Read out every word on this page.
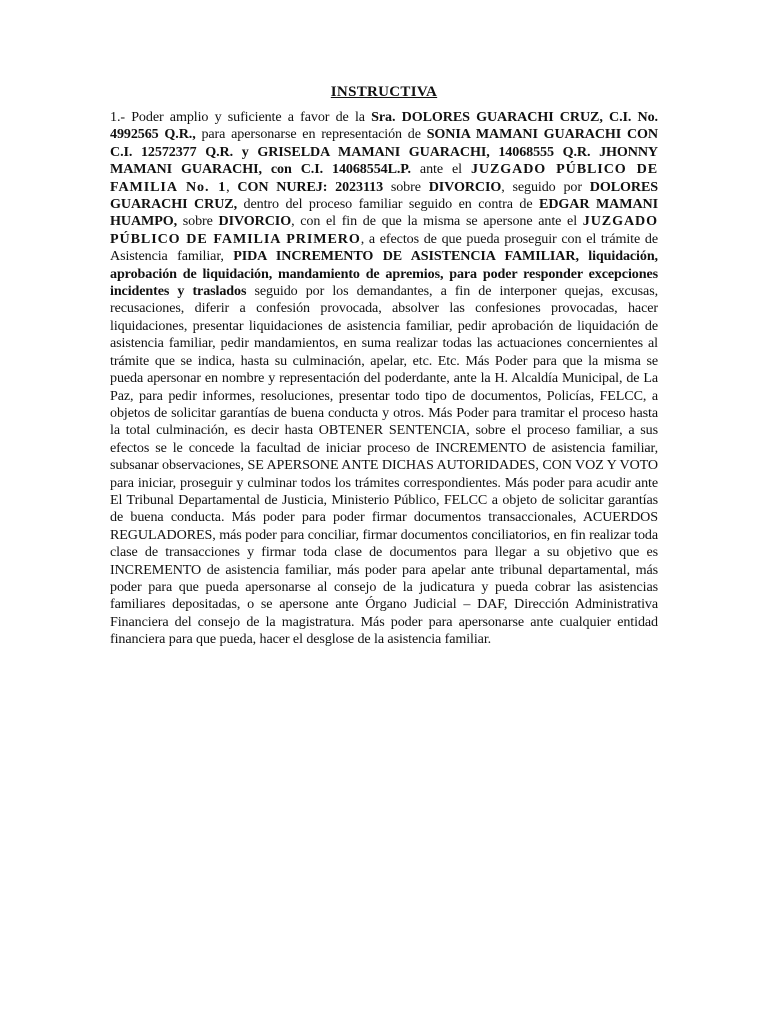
INSTRUCTIVA
1.- Poder amplio y suficiente a favor de la Sra. DOLORES GUARACHI CRUZ, C.I. No. 4992565 Q.R., para apersonarse en representación de SONIA MAMANI GUARACHI CON C.I. 12572377 Q.R. y GRISELDA MAMANI GUARACHI, 14068555 Q.R. JHONNY MAMANI GUARACHI, con C.I. 14068554L.P. ante el JUZGADO PÚBLICO DE FAMILIA No. 1, CON NUREJ: 2023113 sobre DIVORCIO, seguido por DOLORES GUARACHI CRUZ, dentro del proceso familiar seguido en contra de EDGAR MAMANI HUAMPO, sobre DIVORCIO, con el fin de que la misma se apersone ante el JUZGADO PÚBLICO DE FAMILIA PRIMERO, a efectos de que pueda proseguir con el trámite de Asistencia familiar, PIDA INCREMENTO DE ASISTENCIA FAMILIAR, liquidación, aprobación de liquidación, mandamiento de apremios, para poder responder excepciones incidentes y traslados seguido por los demandantes, a fin de interponer quejas, excusas, recusaciones, diferir a confesión provocada, absolver las confesiones provocadas, hacer liquidaciones, presentar liquidaciones de asistencia familiar, pedir aprobación de liquidación de asistencia familiar, pedir mandamientos, en suma realizar todas las actuaciones concernientes al trámite que se indica, hasta su culminación, apelar, etc. Etc. Más Poder para que la misma se pueda apersonar en nombre y representación del poderdante, ante la H. Alcaldía Municipal, de La Paz, para pedir informes, resoluciones, presentar todo tipo de documentos, Policías, FELCC, a objetos de solicitar garantías de buena conducta y otros. Más Poder para tramitar el proceso hasta la total culminación, es decir hasta OBTENER SENTENCIA, sobre el proceso familiar, a sus efectos se le concede la facultad de iniciar proceso de INCREMENTO de asistencia familiar, subsanar observaciones, SE APERSONE ANTE DICHAS AUTORIDADES, CON VOZ Y VOTO para iniciar, proseguir y culminar todos los trámites correspondientes. Más poder para acudir ante El Tribunal Departamental de Justicia, Ministerio Público, FELCC a objeto de solicitar garantías de buena conducta. Más poder para poder firmar documentos transaccionales, ACUERDOS REGULADORES, más poder para conciliar, firmar documentos conciliatorios, en fin realizar toda clase de transacciones y firmar toda clase de documentos para llegar a su objetivo que es INCREMENTO de asistencia familiar, más poder para apelar ante tribunal departamental, más poder para que pueda apersonarse al consejo de la judicatura y pueda cobrar las asistencias familiares depositadas, o se apersone ante Órgano Judicial – DAF, Dirección Administrativa Financiera del consejo de la magistratura. Más poder para apersonarse ante cualquier entidad financiera para que pueda, hacer el desglose de la asistencia familiar.
